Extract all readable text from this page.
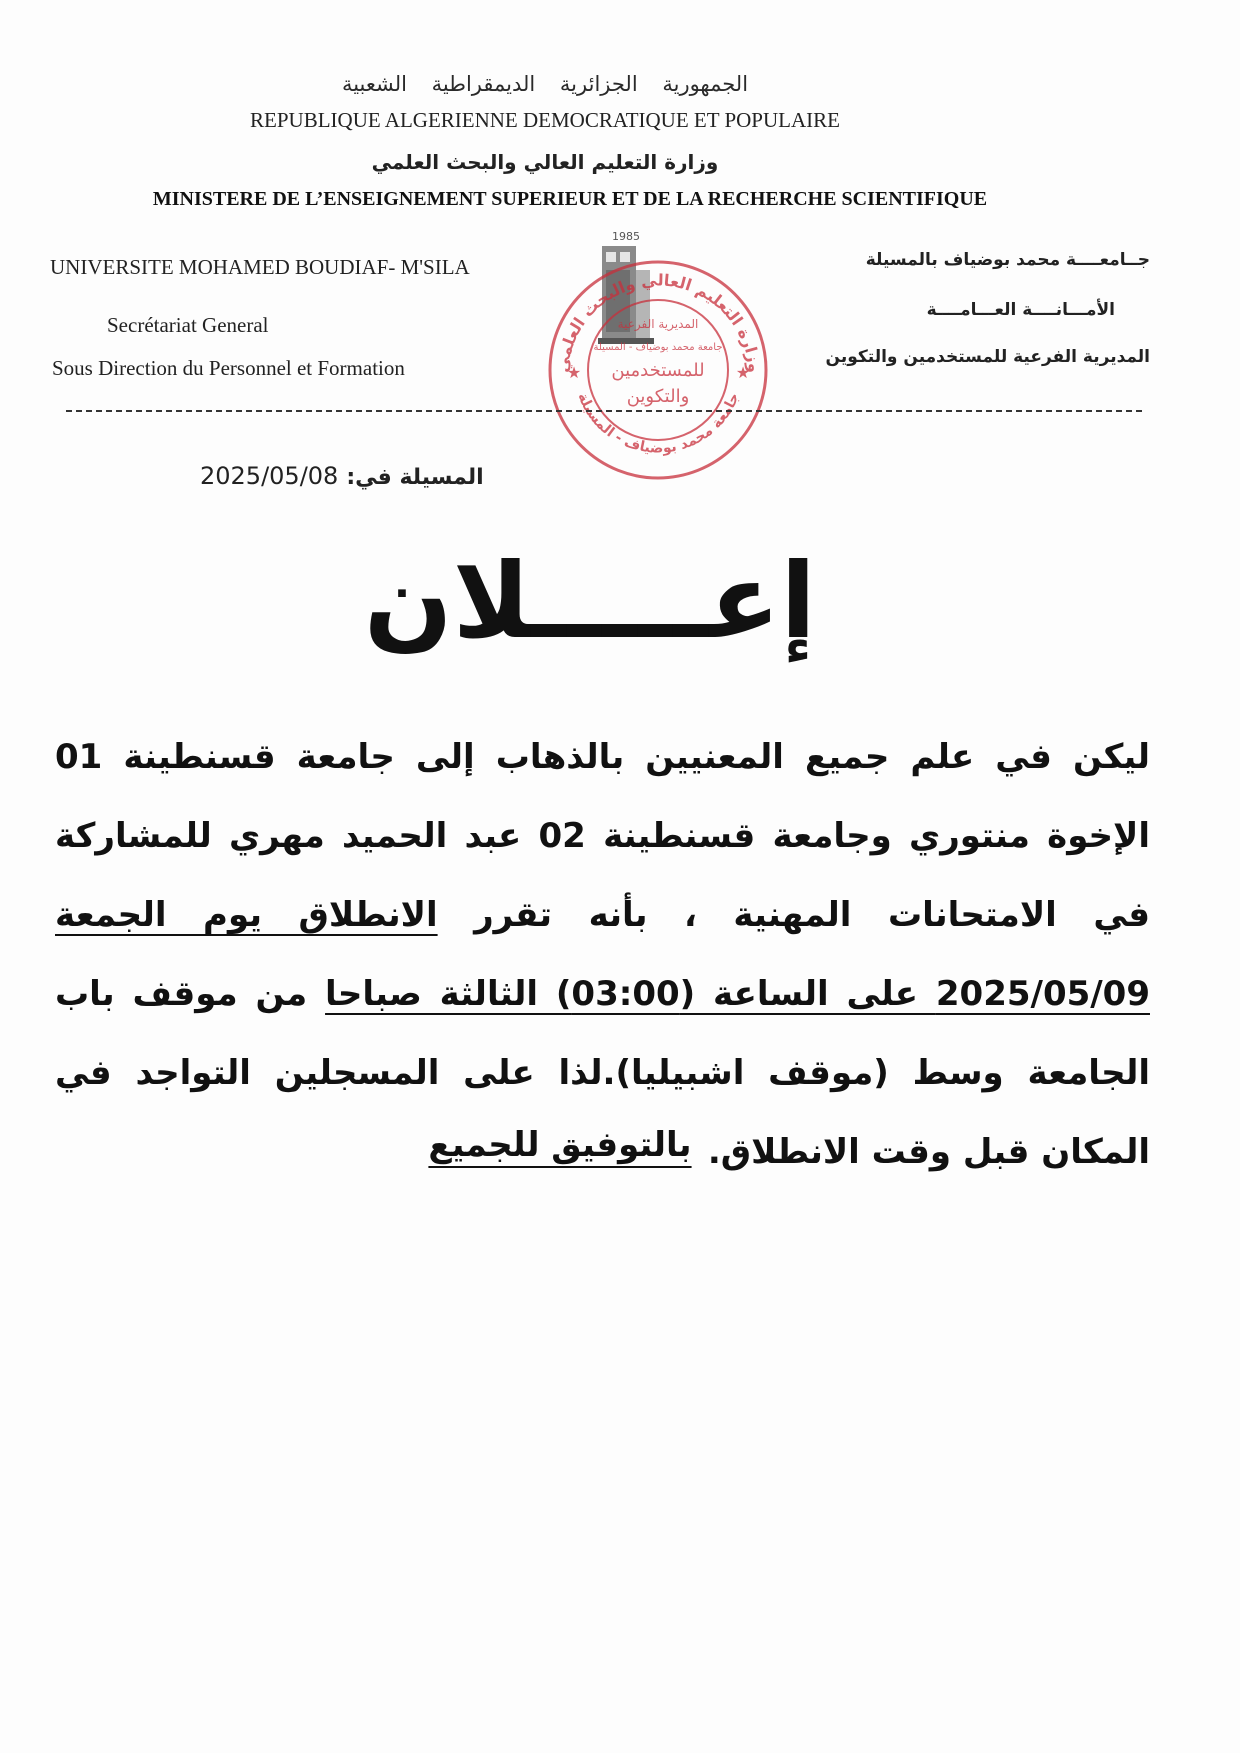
الجمهورية الجزائرية الديمقراطية الشعبية
REPUBLIQUE ALGERIENNE DEMOCRATIQUE ET POPULAIRE
وزارة التعليم العالي والبحث العلمي
MINISTERE DE L’ENSEIGNEMENT SUPERIEUR ET DE LA RECHERCHE SCIENTIFIQUE
UNIVERSITE MOHAMED BOUDIAF- M'SILA
Secrétariat General
Sous Direction du Personnel et Formation
جــامعــــة محمد بوضياف بالمسيلة
الأمـــانــــة العـــامــــة
المديرية الفرعية للمستخدمين والتكوين
1985
وزارة التعليم العالي والبحث العلمي
جامعة محمد بوضياف - المسيلة
المديرية الفرعية
جامعة محمد بوضياف - المسيلة
للمستخدمين
والتكوين
★	★
المسيلة في:2025/05/08
إعـــــلان
ليكن في علم جميع المعنيين بالذهاب إلى جامعة قسنطينة 01 الإخوة منتوري وجامعة قسنطينة 02 عبد الحميد مهري للمشاركة في الامتحانات المهنية ، بأنه تقرر الانطلاق يوم الجمعة 2025/05/09 على الساعة (03:00) الثالثة صباحا من موقف باب الجامعة وسط (موقف اشبيليا).لذا على المسجلين التواجد في المكان قبل وقت الانطلاق.
بالتوفيق للجميع
